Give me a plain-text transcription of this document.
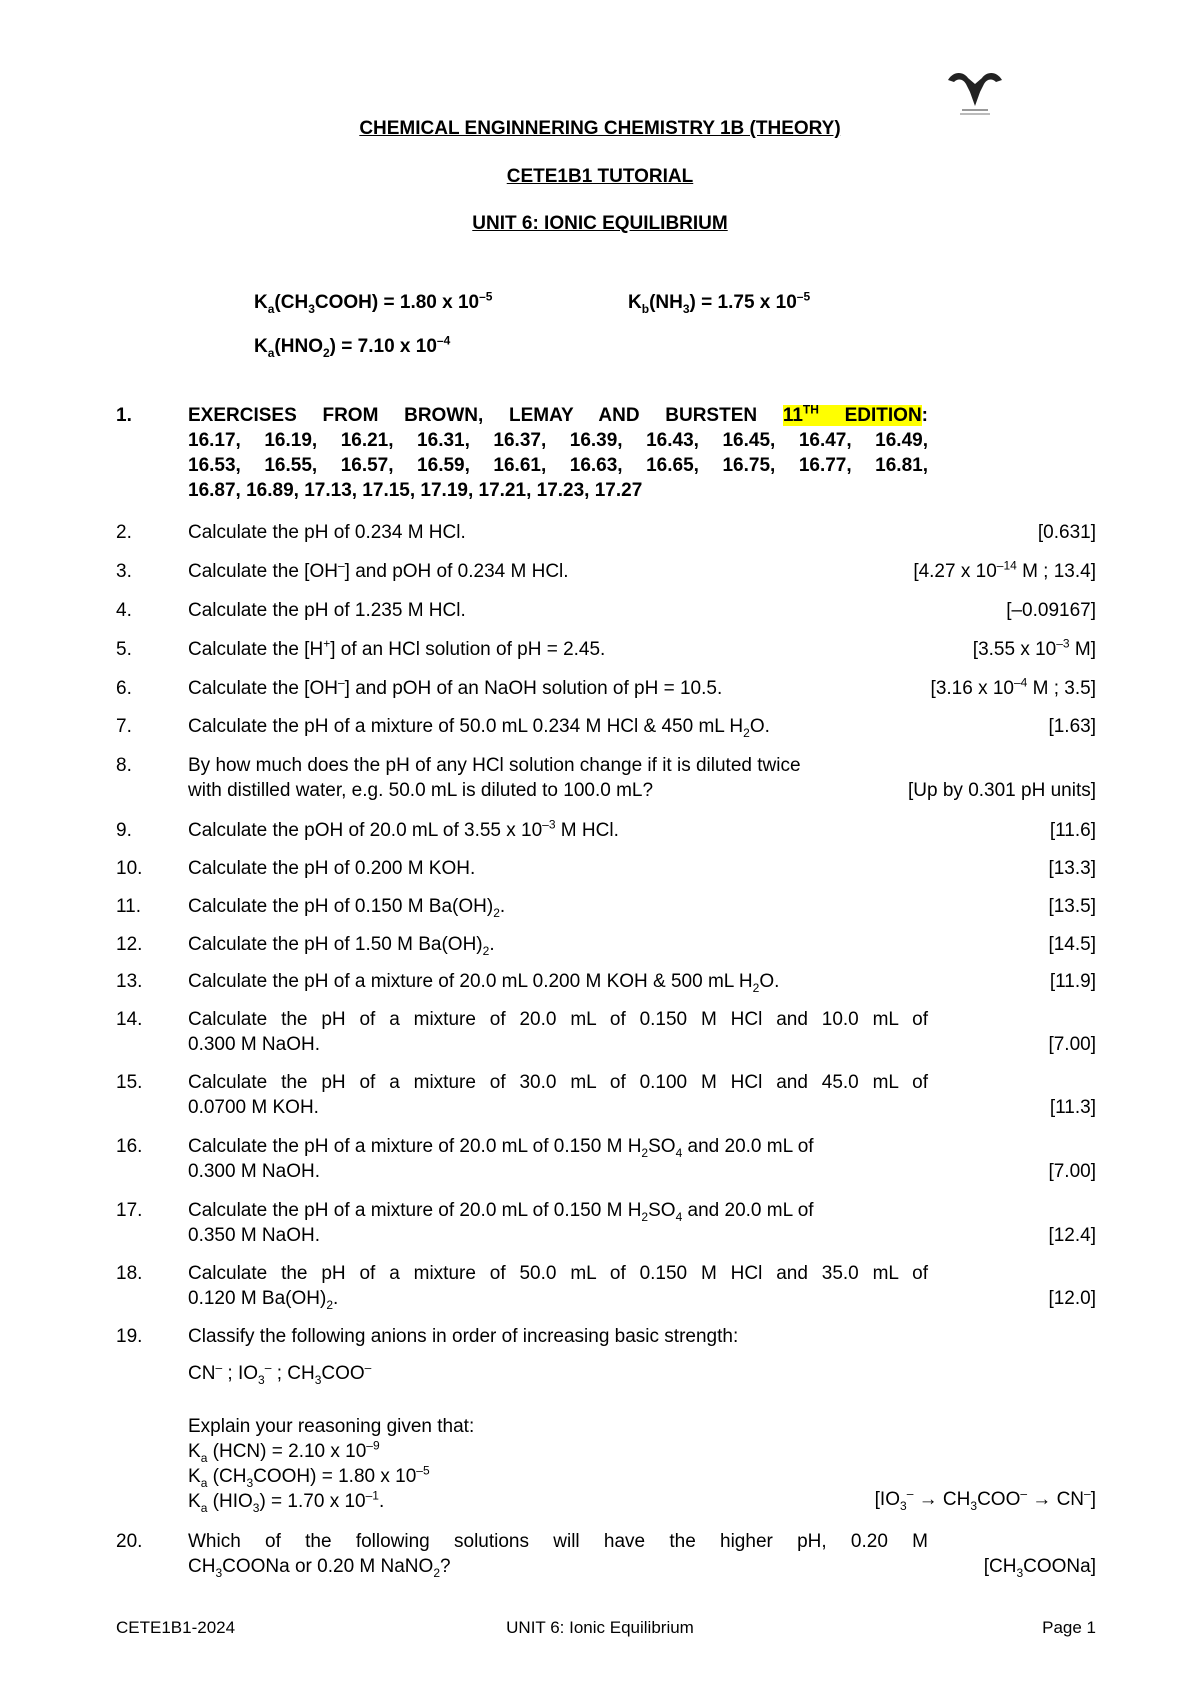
CHEMICAL ENGINNERING CHEMISTRY 1B (THEORY)
CETE1B1 TUTORIAL
UNIT 6: IONIC EQUILIBRIUM
$K_a(CH_3COOH) = 1.80$ x $10^{-5}$	$K_b(NH_3) = 1.75$ x $10^{-5}$
$K_a(HNO_2) = 7.10$ x $10^{-4}$
1.	EXERCISES FROM BROWN, LEMAY AND BURSTEN 11TH EDITION:
16.17, 16.19, 16.21, 16.31, 16.37, 16.39, 16.43, 16.45, 16.47, 16.49,
16.53, 16.55, 16.57, 16.59, 16.61, 16.63, 16.65, 16.75, 16.77, 16.81,
16.87, 16.89, 17.13, 17.15, 17.19, 17.21, 17.23, 17.27
2.	Calculate the pH of 0.234 M HCl.	[0.631]
3.	Calculate the [OH–] and pOH of 0.234 M HCl.	[4.27 x $10^{-14}$ M ; 13.4]
4.	Calculate the pH of 1.235 M HCl.	[–0.09167]
5.	Calculate the [H+] of an HCl solution of pH = 2.45.	[3.55 x $10^{-3}$ M]
6.	Calculate the [OH–] and pOH of an NaOH solution of pH = 10.5.	[3.16 x $10^{-4}$ M ; 3.5]
7.	Calculate the pH of a mixture of 50.0 mL 0.234 M HCl & 450 mL $H_2O$.	[1.63]
8.	By how much does the pH of any HCl solution change if it is diluted twice
with distilled water, e.g. 50.0 mL is diluted to 100.0 mL?	[Up by 0.301 pH units]
9.	Calculate the pOH of 20.0 mL of 3.55 x $10^{-3}$ M HCl.	[11.6]
10.	Calculate the pH of 0.200 M KOH.	[13.3]
11.	Calculate the pH of 0.150 M $Ba(OH)_2$.	[13.5]
12.	Calculate the pH of 1.50 M $Ba(OH)_2$.	[14.5]
13.	Calculate the pH of a mixture of 20.0 mL 0.200 M KOH & 500 mL $H_2O$.	[11.9]
14.	Calculate the pH of a mixture of 20.0 mL of 0.150 M HCl and 10.0 mL of
0.300 M NaOH.	[7.00]
15.	Calculate the pH of a mixture of 30.0 mL of 0.100 M HCl and 45.0 mL of
0.0700 M KOH.	[11.3]
16.	Calculate the pH of a mixture of 20.0 mL of 0.150 M $H_2SO_4$ and 20.0 mL of
0.300 M NaOH.	[7.00]
17.	Calculate the pH of a mixture of 20.0 mL of 0.150 M $H_2SO_4$ and 20.0 mL of
0.350 M NaOH.	[12.4]
18.	Calculate the pH of a mixture of 50.0 mL of 0.150 M HCl and 35.0 mL of
0.120 M $Ba(OH)_2$.	[12.0]
19.	Classify the following anions in order of increasing basic strength:
CN– ; $IO_3^-$ ; $CH_3COO^-$
Explain your reasoning given that:
$K_a$ (HCN) = 2.10 x $10^{-9}$
$K_a$ $(CH_3COOH) = 1.80$ x $10^{-5}$
$K_a$ $(HIO_3) = 1.70$ x $10^{-1}$.	$[IO_3^- \to CH_3COO^- \to CN^-]$
20.	Which of the following solutions will have the higher pH, 0.20 M
$CH_3COONa$ or 0.20 M NaNO$_2$?	$[CH_3COONa]$
CETE1B1-2024	UNIT 6: Ionic Equilibrium	Page 1
